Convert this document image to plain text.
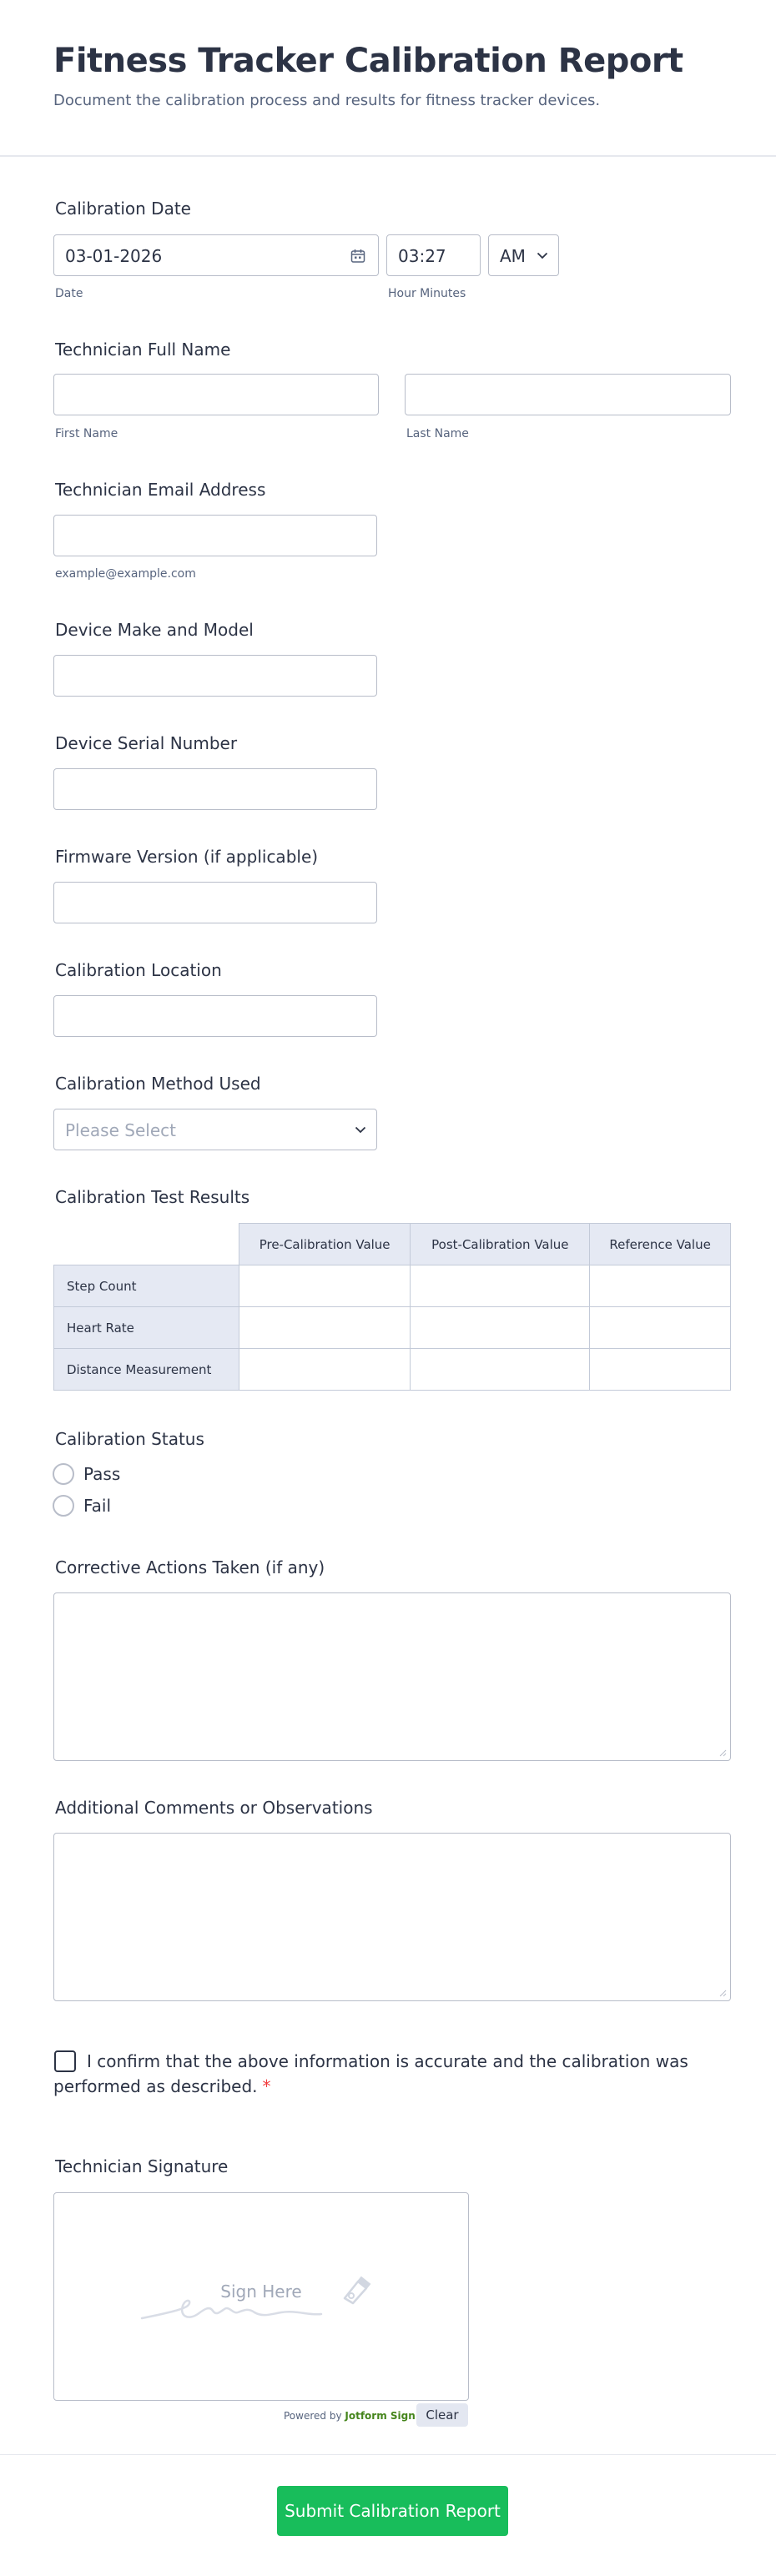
Fitness Tracker Calibration Report
Document the calibration process and results for fitness tracker devices.
Calibration Date
03-01-2026
Date
03:27
Hour Minutes
AM
Technician Full Name
First Name	Last Name
Technician Email Address
example@example.com
Device Make and Model
Device Serial Number
Firmware Version (if applicable)
Calibration Location
Calibration Method Used
Please Select
Calibration Test Results
	Pre-Calibration Value	Post-Calibration Value	Reference Value
Step Count			
Heart Rate			
Distance Measurement			
Calibration Status
Pass
Fail
Corrective Actions Taken (if any)
Additional Comments or Observations
I confirm that the above information is accurate and the calibration was performed as described. *
Technician Signature
Sign Here
Powered by Jotform Sign Clear
Submit Calibration Report
